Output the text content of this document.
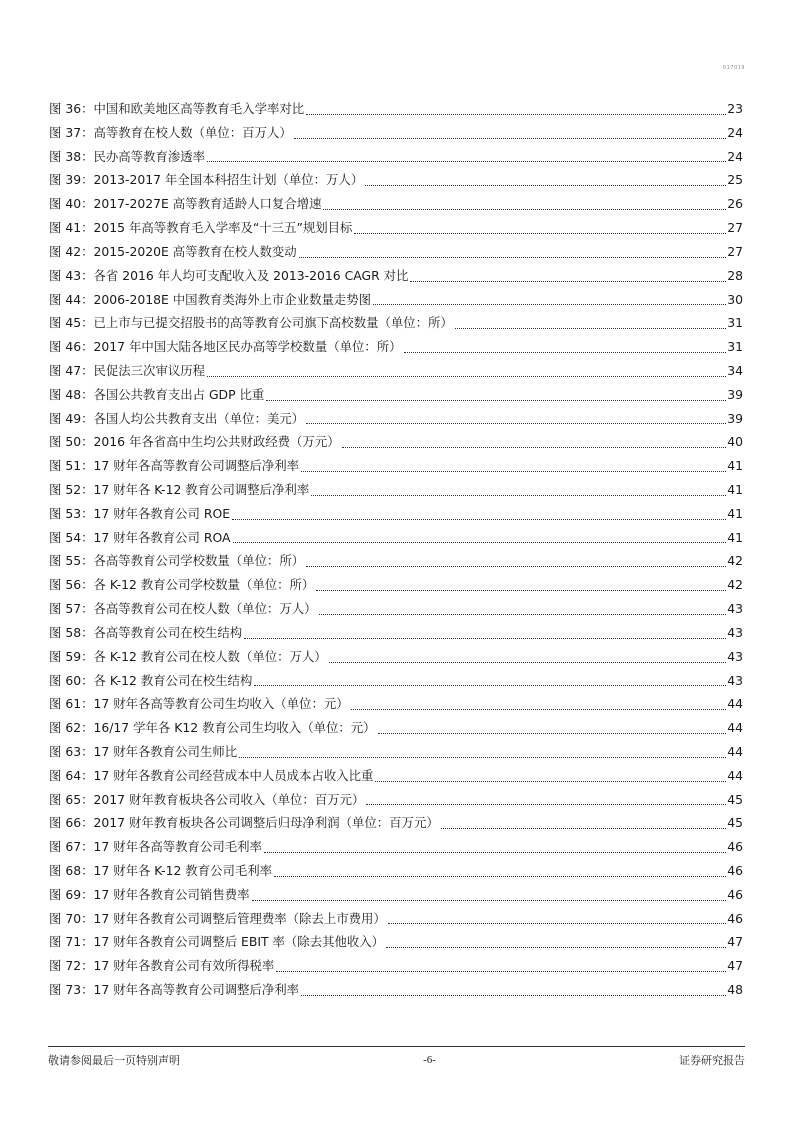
017019
图 36：中国和欧美地区高等教育毛入学率对比	23
图 37：高等教育在校人数（单位：百万人）	24
图 38：民办高等教育渗透率	24
图 39：2013-2017 年全国本科招生计划（单位：万人）	25
图 40：2017-2027E 高等教育适龄人口复合增速	26
图 41：2015 年高等教育毛入学率及“十三五”规划目标	27
图 42：2015-2020E 高等教育在校人数变动	27
图 43：各省 2016 年人均可支配收入及 2013-2016 CAGR 对比	28
图 44：2006-2018E 中国教育类海外上市企业数量走势图	30
图 45：已上市与已提交招股书的高等教育公司旗下高校数量（单位：所）	31
图 46：2017 年中国大陆各地区民办高等学校数量（单位：所）	31
图 47：民促法三次审议历程	34
图 48：各国公共教育支出占 GDP 比重	39
图 49：各国人均公共教育支出（单位：美元）	39
图 50：2016 年各省高中生均公共财政经费（万元）	40
图 51：17 财年各高等教育公司调整后净利率	41
图 52：17 财年各 K-12 教育公司调整后净利率	41
图 53：17 财年各教育公司 ROE	41
图 54：17 财年各教育公司 ROA	41
图 55：各高等教育公司学校数量（单位：所）	42
图 56：各 K-12 教育公司学校数量（单位：所）	42
图 57：各高等教育公司在校人数（单位：万人）	43
图 58：各高等教育公司在校生结构	43
图 59：各 K-12 教育公司在校人数（单位：万人）	43
图 60：各 K-12 教育公司在校生结构	43
图 61：17 财年各高等教育公司生均收入（单位：元）	44
图 62：16/17 学年各 K12 教育公司生均收入（单位：元）	44
图 63：17 财年各教育公司生师比	44
图 64：17 财年各教育公司经营成本中人员成本占收入比重	44
图 65：2017 财年教育板块各公司收入（单位：百万元）	45
图 66：2017 财年教育板块各公司调整后归母净利润（单位：百万元）	45
图 67：17 财年各高等教育公司毛利率	46
图 68：17 财年各 K-12 教育公司毛利率	46
图 69：17 财年各教育公司销售费率	46
图 70：17 财年各教育公司调整后管理费率（除去上市费用）	46
图 71：17 财年各教育公司调整后 EBIT 率（除去其他收入）	47
图 72：17 财年各教育公司有效所得税率	47
图 73：17 财年各高等教育公司调整后净利率	48
敬请参阅最后一页特别声明	-6-	证券研究报告
